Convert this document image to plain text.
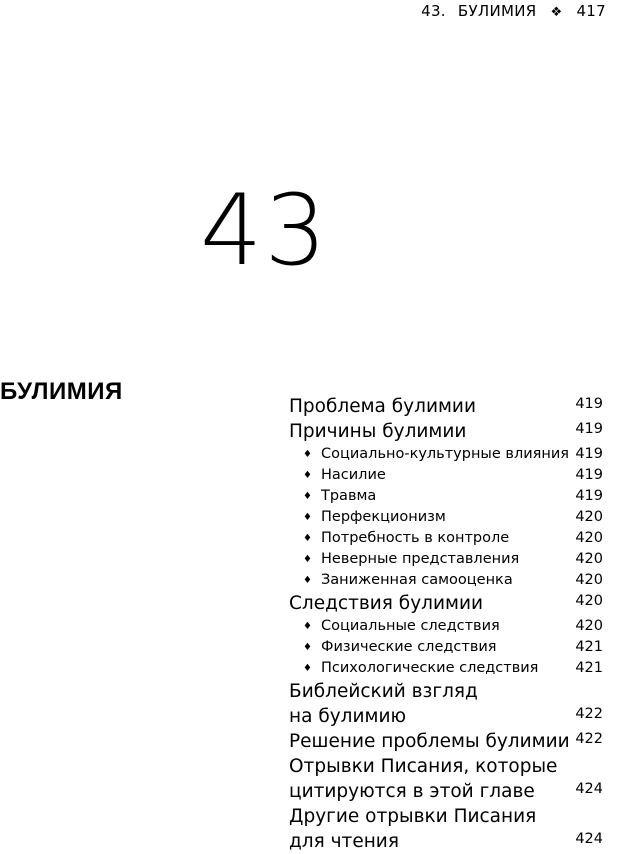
43. БУЛИМИЯ ❖ 417
43
БУЛИМИЯ
Проблема булимии	419
Причины булимии	419
♦ Социально-культурные влияния 419
♦ Насилие	419
♦ Травма	419
♦ Перфекционизм	420
♦ Потребность в контроле	420
♦ Неверные представления	420
♦ Заниженная самооценка	420
Следствия булимии	420
♦ Социальные следствия	420
♦ Физические следствия	421
♦ Психологические следствия	421
Библейский взгляд
на булимию	422
Решение проблемы булимии 422
Отрывки Писания, которые
цитируются в этой главе	424
Другие отрывки Писания
для чтения	424
